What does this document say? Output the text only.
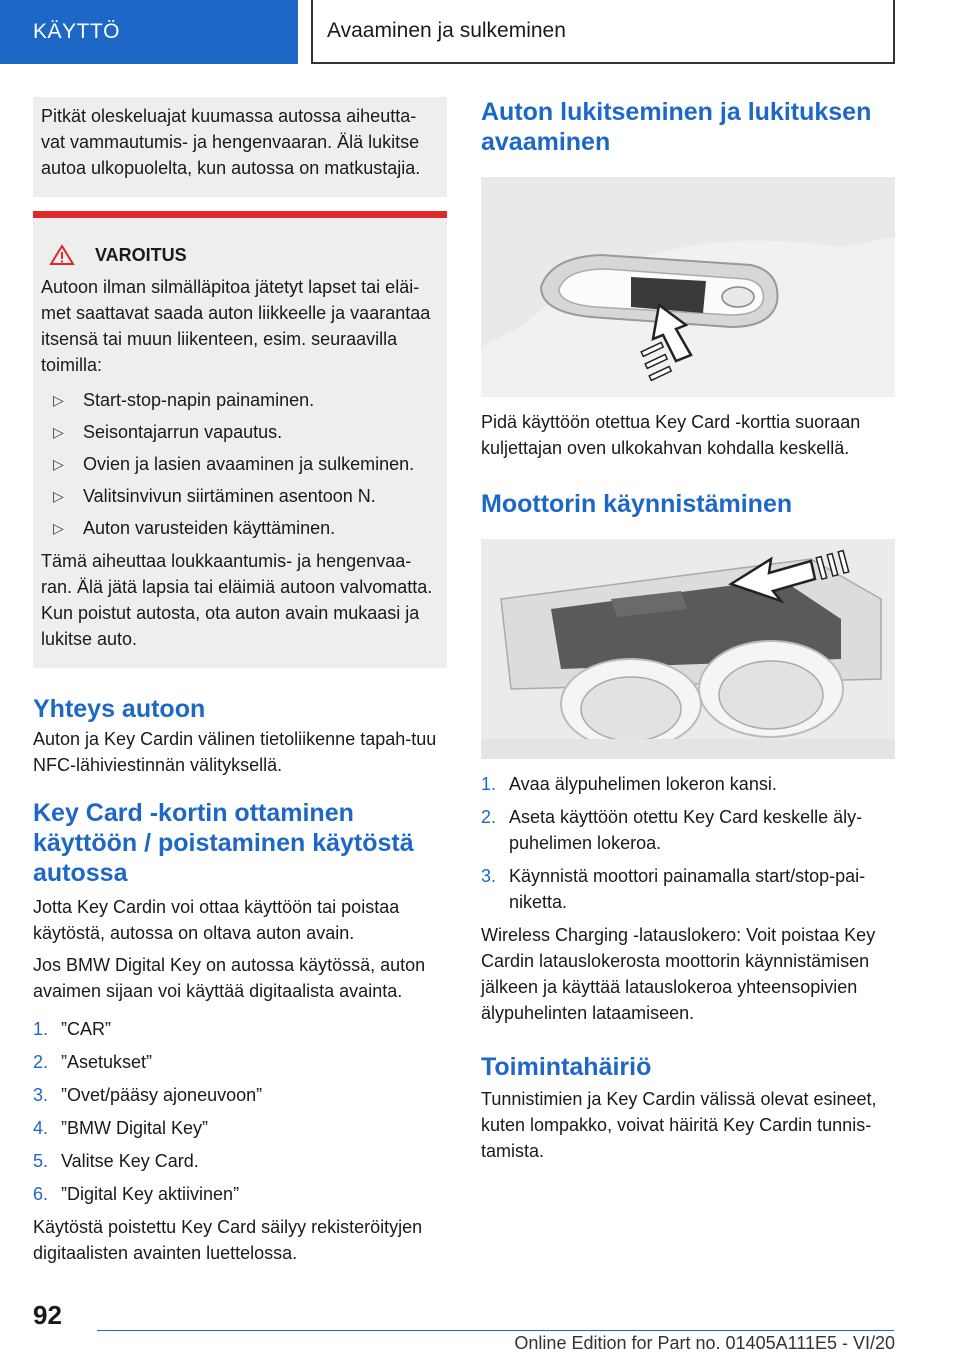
KÄYTTÖ	Avaaminen ja sulkeminen

Pitkät oleskeluajat kuumassa autossa aiheutta-vat vammautumis- ja hengenvaaran. Älä lukitse autoa ulkopuolelta, kun autossa on matkustajia.

VAROITUS

Autoon ilman silmälläpitoa jätetyt lapset tai eläi-met saattavat saada auton liikkeelle ja vaarantaa itsensä tai muun liikenteen, esim. seuraavilla toimilla:

▷	Start-stop-napin painaminen.
▷	Seisontajarrun vapautus.
▷	Ovien ja lasien avaaminen ja sulkeminen.
▷	Valitsinvivun siirtäminen asentoon N.
▷	Auton varusteiden käyttäminen.

Tämä aiheuttaa loukkaantumis- ja hengenvaa-ran. Älä jätä lapsia tai eläimiä autoon valvomatta. Kun poistut autosta, ota auton avain mukaasi ja lukitse auto.

Yhteys autoon

Auton ja Key Cardin välinen tietoliikenne tapah-tuu NFC-lähiviestinnän välityksellä.

Key Card -kortin ottaminen käyttöön / poistaminen käytöstä autossa

Jotta Key Cardin voi ottaa käyttöön tai poistaa käytöstä, autossa on oltava auton avain.

Jos BMW Digital Key on autossa käytössä, auton avaimen sijaan voi käyttää digitaalista avainta.

1. ”CAR”
2. ”Asetukset”
3. ”Ovet/pääsy ajoneuvoon”
4. ”BMW Digital Key”
5. Valitse Key Card.
6. ”Digital Key aktiivinen”

Käytöstä poistettu Key Card säilyy rekisteröityjen digitaalisten avainten luettelossa.

Auton lukitseminen ja lukituksen avaaminen

Pidä käyttöön otettua Key Card -korttia suoraan kuljettajan oven ulkokahvan kohdalla keskellä.

Moottorin käynnistäminen
1. Avaa älypuhelimen lokeron kansi.
2. Aseta käyttöön otettu Key Card keskelle äly-puhelimen lokeroa.
3. Käynnistä moottori painamalla start/stop-pai-niketta.

Wireless Charging -latauslokero: Voit poistaa Key Cardin latauslokerosta moottorin käynnistämisen jälkeen ja käyttää latauslokeroa yhteensopivien älypuhelinten lataamiseen.

Toimintahäiriö

Tunnistimien ja Key Cardin välissä olevat esineet, kuten lompakko, voivat häiritä Key Cardin tunnis-tamista.

92
Online Edition for Part no. 01405A111E5 - VI/20
